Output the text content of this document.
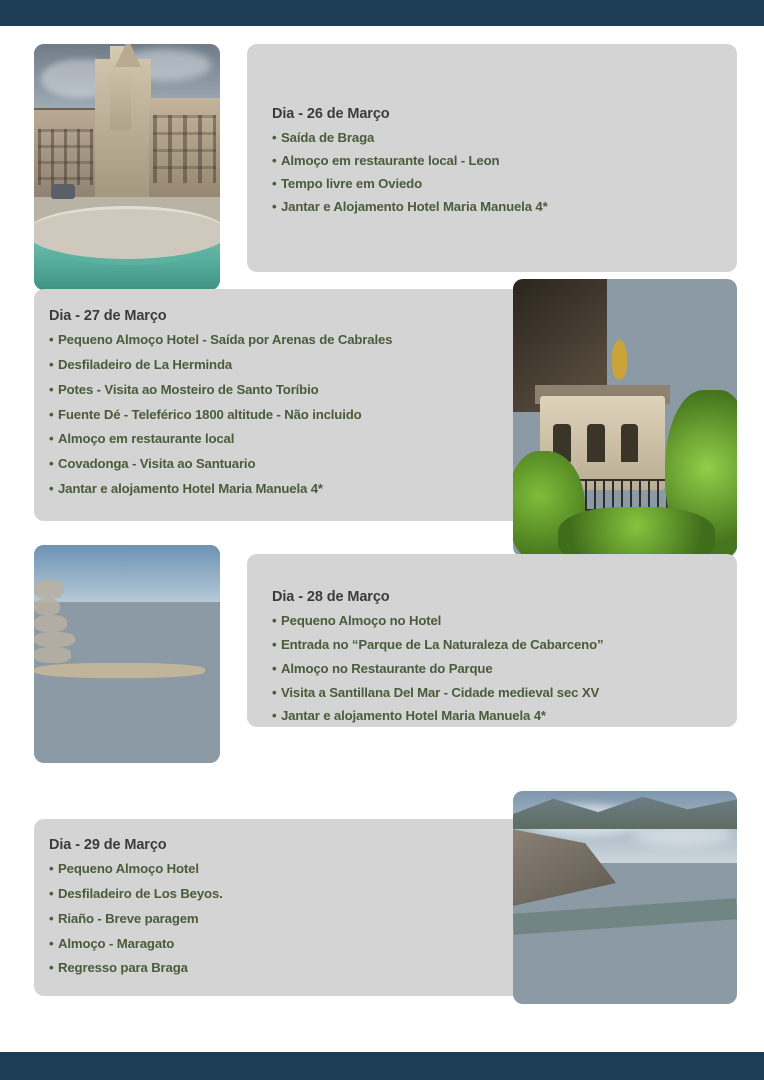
Dia - 26 de Março
• Saída de Braga
• Almoço em restaurante local - Leon
• Tempo livre em Oviedo
• Jantar e Alojamento Hotel Maria Manuela 4*
Dia - 27 de Março
• Pequeno Almoço Hotel - Saída por Arenas de Cabrales
• Desfiladeiro de La Herminda
• Potes - Visita ao Mosteiro de Santo Toríbio
• Fuente Dé - Teleférico 1800 altitude - Não incluido
• Almoço em restaurante local
• Covadonga - Visita ao Santuario
• Jantar e alojamento Hotel Maria Manuela 4*
Dia - 28 de Março
• Pequeno Almoço no Hotel
• Entrada no “Parque de La Naturaleza de Cabarceno”
• Almoço no Restaurante do Parque
• Visita a Santillana Del Mar - Cidade medieval sec XV
• Jantar e alojamento Hotel Maria Manuela 4*
Dia - 29 de Março
• Pequeno Almoço Hotel
• Desfiladeiro de Los Beyos.
• Riaño - Breve paragem
• Almoço - Maragato
• Regresso para Braga
